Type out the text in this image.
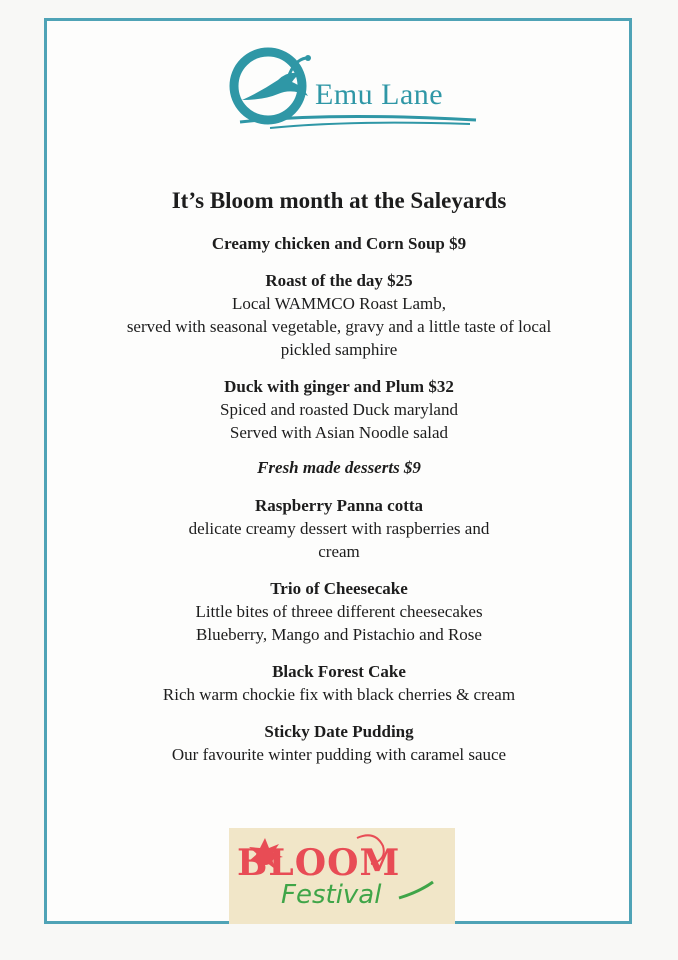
Emu Lane
It’s Bloom month at the Saleyards
Creamy chicken and Corn Soup $9
Roast of the day $25
Local WAMMCO Roast Lamb,
served with seasonal vegetable, gravy and a little taste of local
pickled samphire
Duck with ginger and Plum $32
Spiced and roasted Duck maryland
Served with Asian Noodle salad
Fresh made desserts $9
Raspberry Panna cotta
delicate creamy dessert with raspberries and
cream
Trio of Cheesecake
Little bites of threee different cheesecakes
Blueberry, Mango and Pistachio and Rose
Black Forest Cake
Rich warm chockie fix with black cherries & cream
Sticky Date Pudding
Our favourite winter pudding with caramel sauce
BLOOM
Festival
